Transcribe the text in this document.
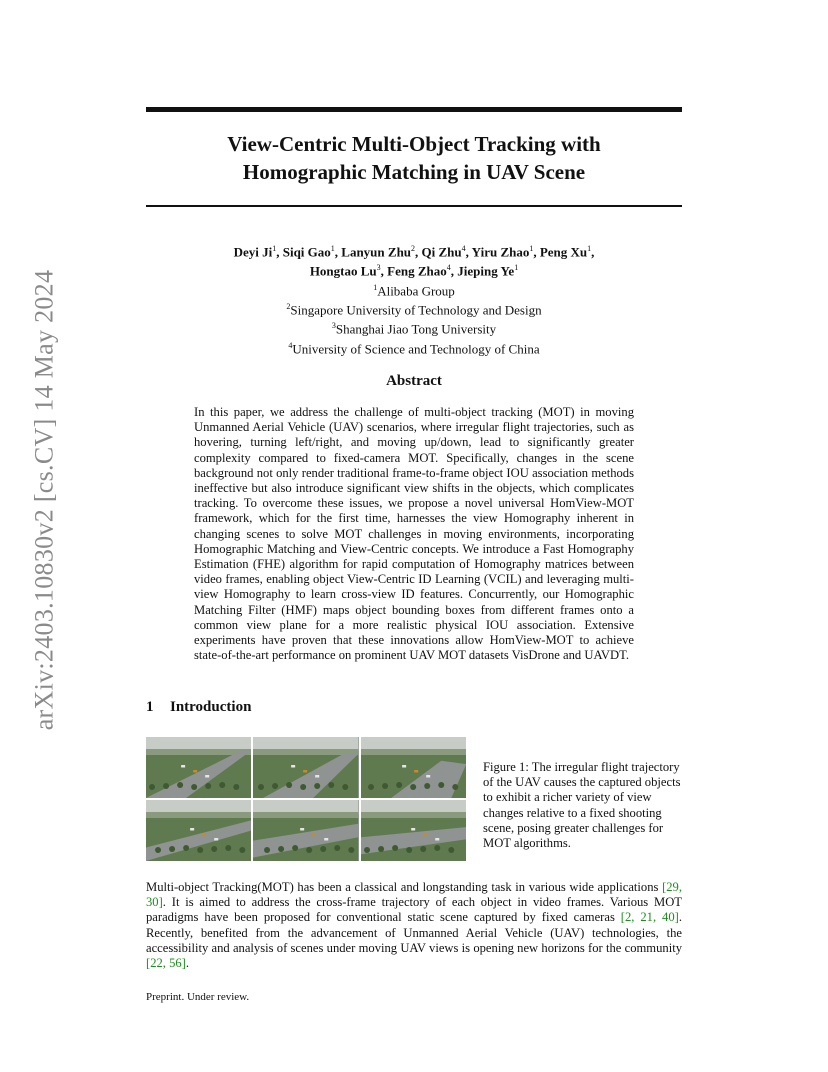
arXiv:2403.10830v2 [cs.CV] 14 May 2024
View-Centric Multi-Object Tracking with
Homographic Matching in UAV Scene
Deyi Ji$^1$, Siqi Gao$^1$, Lanyun Zhu$^2$, Qi Zhu$^4$, Yiru Zhao$^1$, Peng Xu$^1$,
Hongtao Lu$^3$, Feng Zhao$^4$, Jieping Ye$^1$
$^1$Alibaba Group
$^2$Singapore University of Technology and Design
$^3$Shanghai Jiao Tong University
$^4$University of Science and Technology of China
Abstract
In this paper, we address the challenge of multi-object tracking (MOT) in moving Unmanned Aerial Vehicle (UAV) scenarios, where irregular flight trajectories, such as hovering, turning left/right, and moving up/down, lead to significantly greater complexity compared to fixed-camera MOT. Specifically, changes in the scene background not only render traditional frame-to-frame object IOU association methods ineffective but also introduce significant view shifts in the objects, which complicates tracking. To overcome these issues, we propose a novel universal HomView-MOT framework, which for the first time, harnesses the view Homography inherent in changing scenes to solve MOT challenges in moving environments, incorporating Homographic Matching and View-Centric concepts. We introduce a Fast Homography Estimation (FHE) algorithm for rapid computation of Homography matrices between video frames, enabling object View-Centric ID Learning (VCIL) and leveraging multi-view Homography to learn cross-view ID features. Concurrently, our Homographic Matching Filter (HMF) maps object bounding boxes from different frames onto a common view plane for a more realistic physical IOU association. Extensive experiments have proven that these innovations allow HomView-MOT to achieve state-of-the-art performance on prominent UAV MOT datasets VisDrone and UAVDT.
1 Introduction
Figure 1: The irregular flight trajectory of the UAV causes the captured objects to exhibit a richer variety of view changes relative to a fixed shooting scene, posing greater challenges for MOT algorithms.
Multi-object Tracking(MOT) has been a classical and longstanding task in various wide applications [29, 30]. It is aimed to address the cross-frame trajectory of each object in video frames. Various MOT paradigms have been proposed for conventional static scene captured by fixed cameras [2, 21, 40]. Recently, benefited from the advancement of Unmanned Aerial Vehicle (UAV) technologies, the accessibility and analysis of scenes under moving UAV views is opening new horizons for the community [22, 56].
Preprint. Under review.
